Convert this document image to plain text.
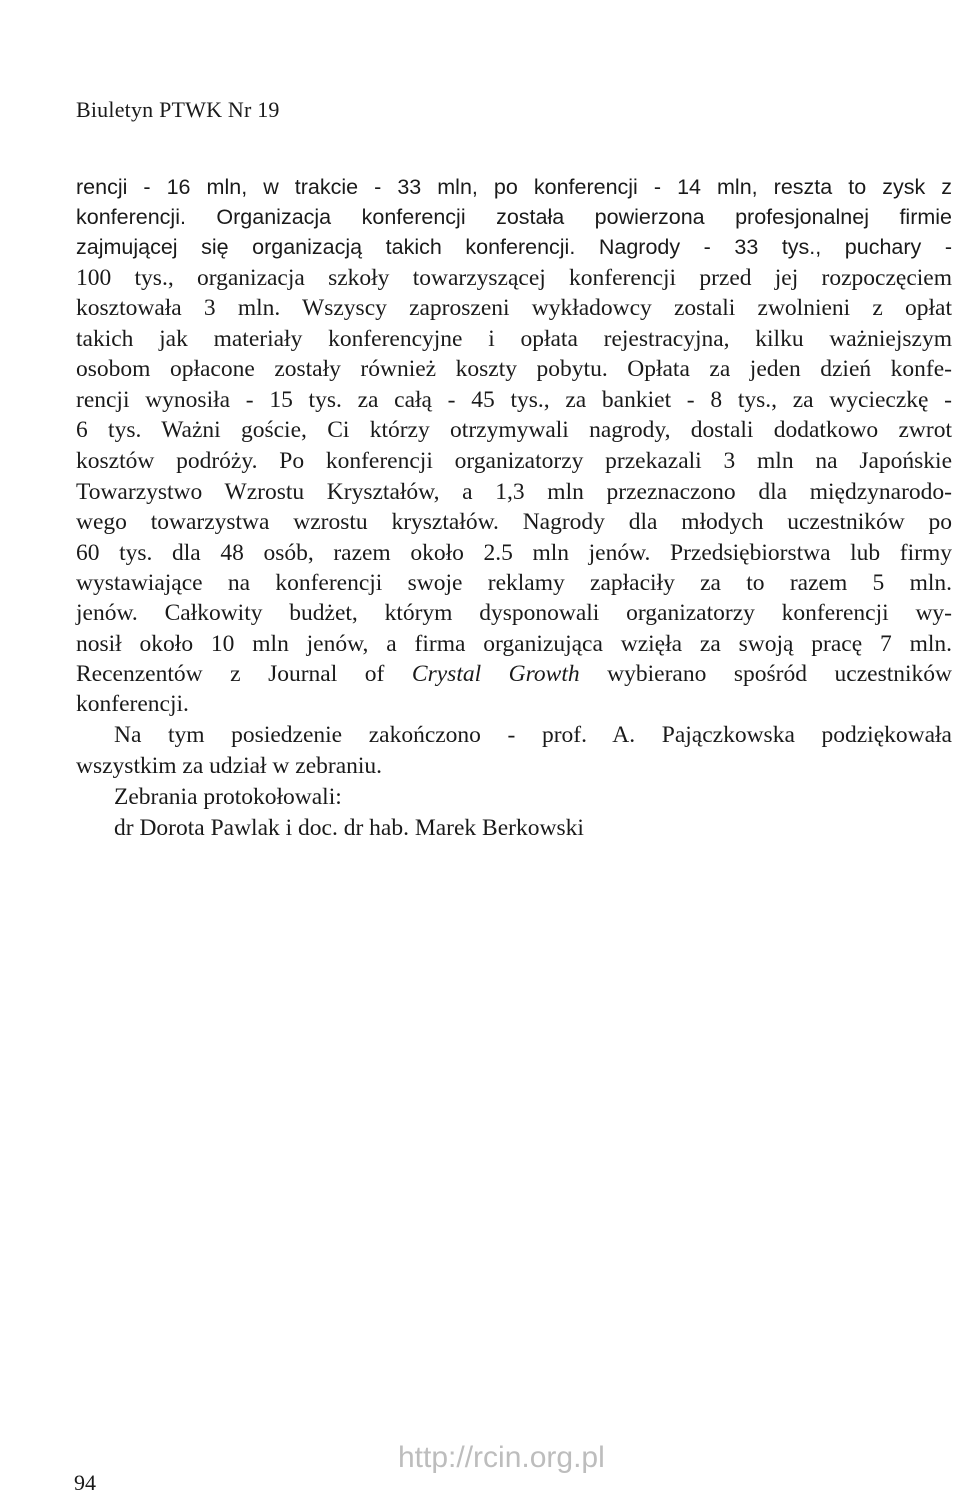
Biuletyn PTWK Nr 19
rencji - 16 mln, w trakcie - 33 mln, po konferencji - 14 mln, reszta to zysk z
konferencji. Organizacja konferencji została powierzona profesjonalnej firmie
zajmującej się organizacją takich konferencji. Nagrody - 33 tys., puchary -
100 tys., organizacja szkoły towarzyszącej konferencji przed jej rozpoczęciem
kosztowała 3 mln. Wszyscy zaproszeni wykładowcy zostali zwolnieni z opłat
takich jak materiały konferencyjne i opłata rejestracyjna, kilku ważniejszym
osobom opłacone zostały również koszty pobytu. Opłata za jeden dzień konfe-
rencji wynosiła - 15 tys. za całą - 45 tys., za bankiet - 8 tys., za wycieczkę -
6 tys. Ważni goście, Ci którzy otrzymywali nagrody, dostali dodatkowo zwrot
kosztów podróży. Po konferencji organizatorzy przekazali 3 mln na Japońskie
Towarzystwo Wzrostu Kryształów, a 1,3 mln przeznaczono dla międzynarodo-
wego towarzystwa wzrostu kryształów. Nagrody dla młodych uczestników po
60 tys. dla 48 osób, razem około 2.5 mln jenów. Przedsiębiorstwa lub firmy
wystawiające na konferencji swoje reklamy zapłaciły za to razem 5 mln.
jenów. Całkowity budżet, którym dysponowali organizatorzy konferencji wy-
nosił około 10 mln jenów, a firma organizująca wzięła za swoją pracę 7 mln.
Recenzentów z Journal of Crystal Growth wybierano spośród uczestników
konferencji.
Na tym posiedzenie zakończono - prof. A. Pajączkowska podziękowała
wszystkim za udział w zebraniu.
Zebrania protokołowali:
dr Dorota Pawlak i doc. dr hab. Marek Berkowski
http://rcin.org.pl
94
